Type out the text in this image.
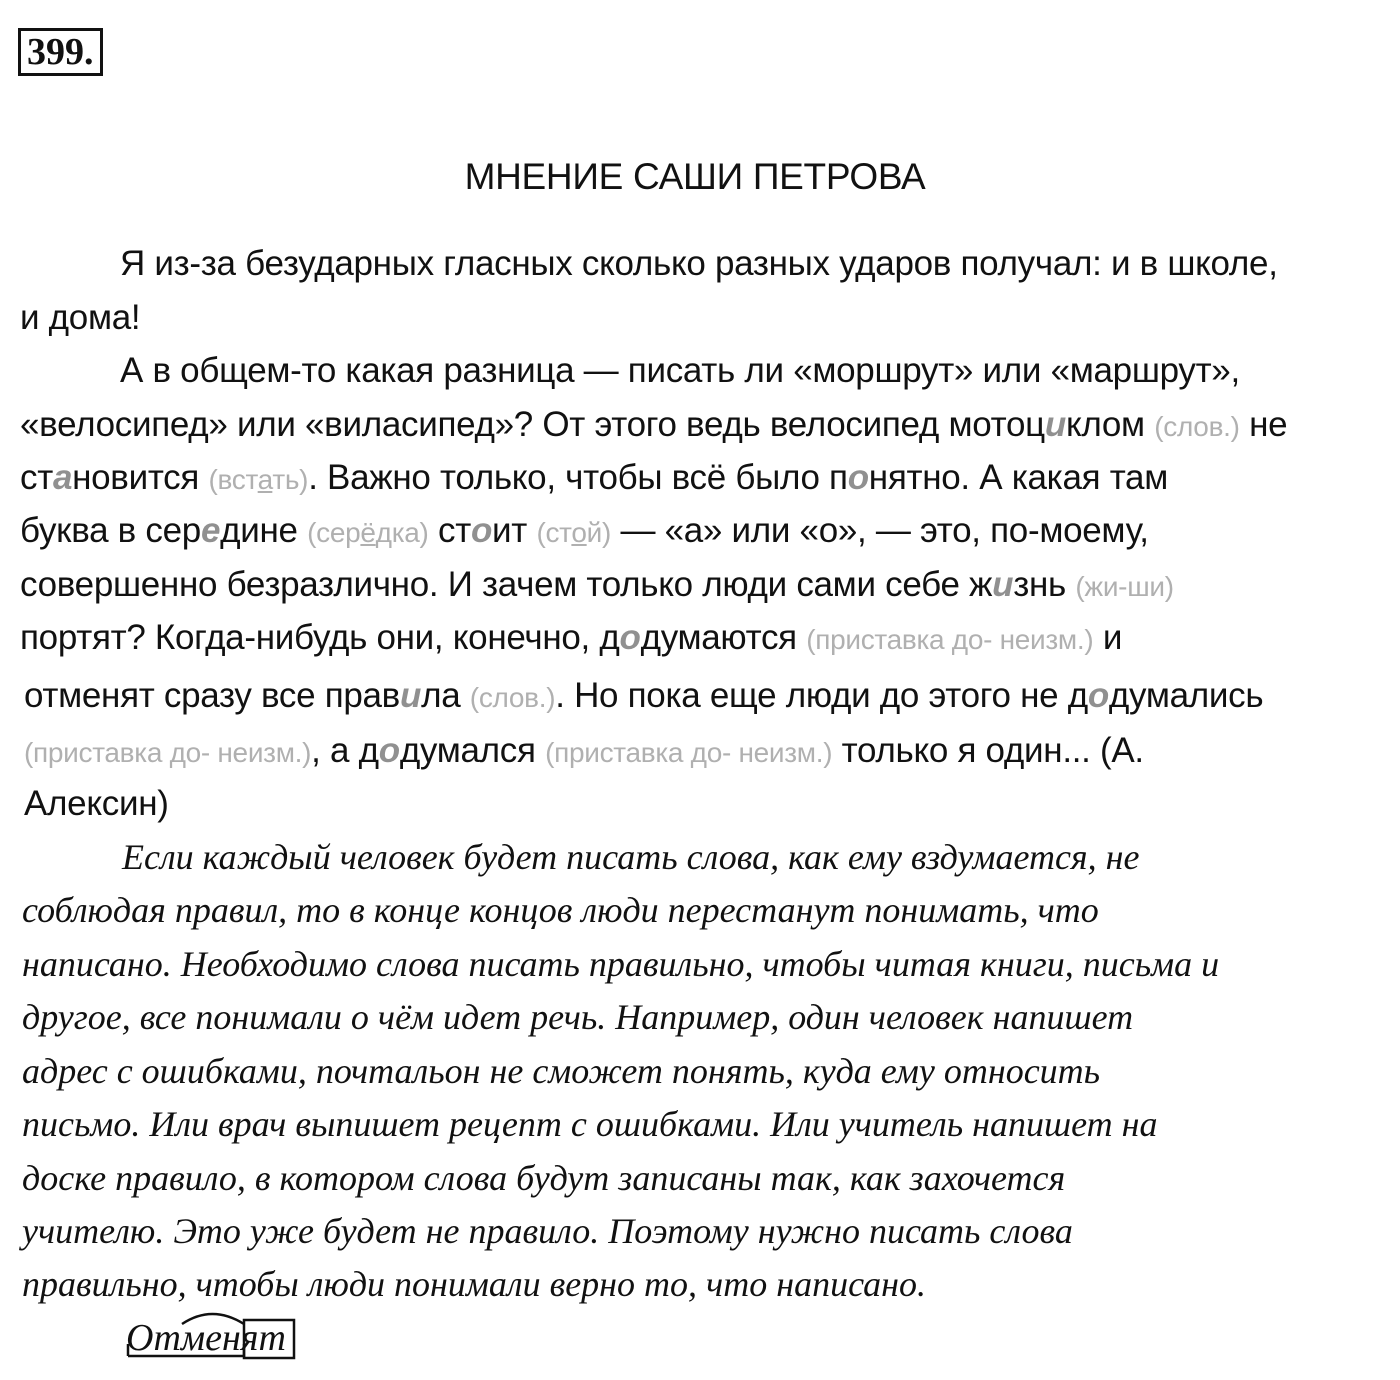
399.
МНЕНИЕ САШИ ПЕТРОВА
Я из-за безударных гласных сколько разных ударов получал: и в школе,
и дома!
А в общем-то какая разница — писать ли «моршрут» или «маршрут»,
«велосипед» или «виласипед»? От этого ведь велосипед мотоциклом (слов.) не
становится (встать). Важно только, чтобы всё было понятно. А какая там
буква в середине (серёдка) стоит (стой) — «а» или «о», — это, по-моему,
совершенно безразлично. И зачем только люди сами себе жизнь (жи-ши)
портят? Когда-нибудь они, конечно, додумаются (приставка до- неизм.) и
отменят сразу все правила (слов.). Но пока еще люди до этого не додумались
(приставка до- неизм.), а додумался (приставка до- неизм.) только я один... (А.
Алексин)
Если каждый человек будет писать слова, как ему вздумается, не
соблюдая правил, то в конце концов люди перестанут понимать, что
написано. Необходимо слова писать правильно, чтобы читая книги, письма и
другое, все понимали о чём идет речь. Например, один человек напишет
адрес с ошибками, почтальон не сможет понять, куда ему относить
письмо. Или врач выпишет рецепт с ошибками. Или учитель напишет на
доске правило, в котором слова будут записаны так, как захочется
учителю. Это уже будет не правило. Поэтому нужно писать слова
правильно, чтобы люди понимали верно то, что написано.
Отменят
